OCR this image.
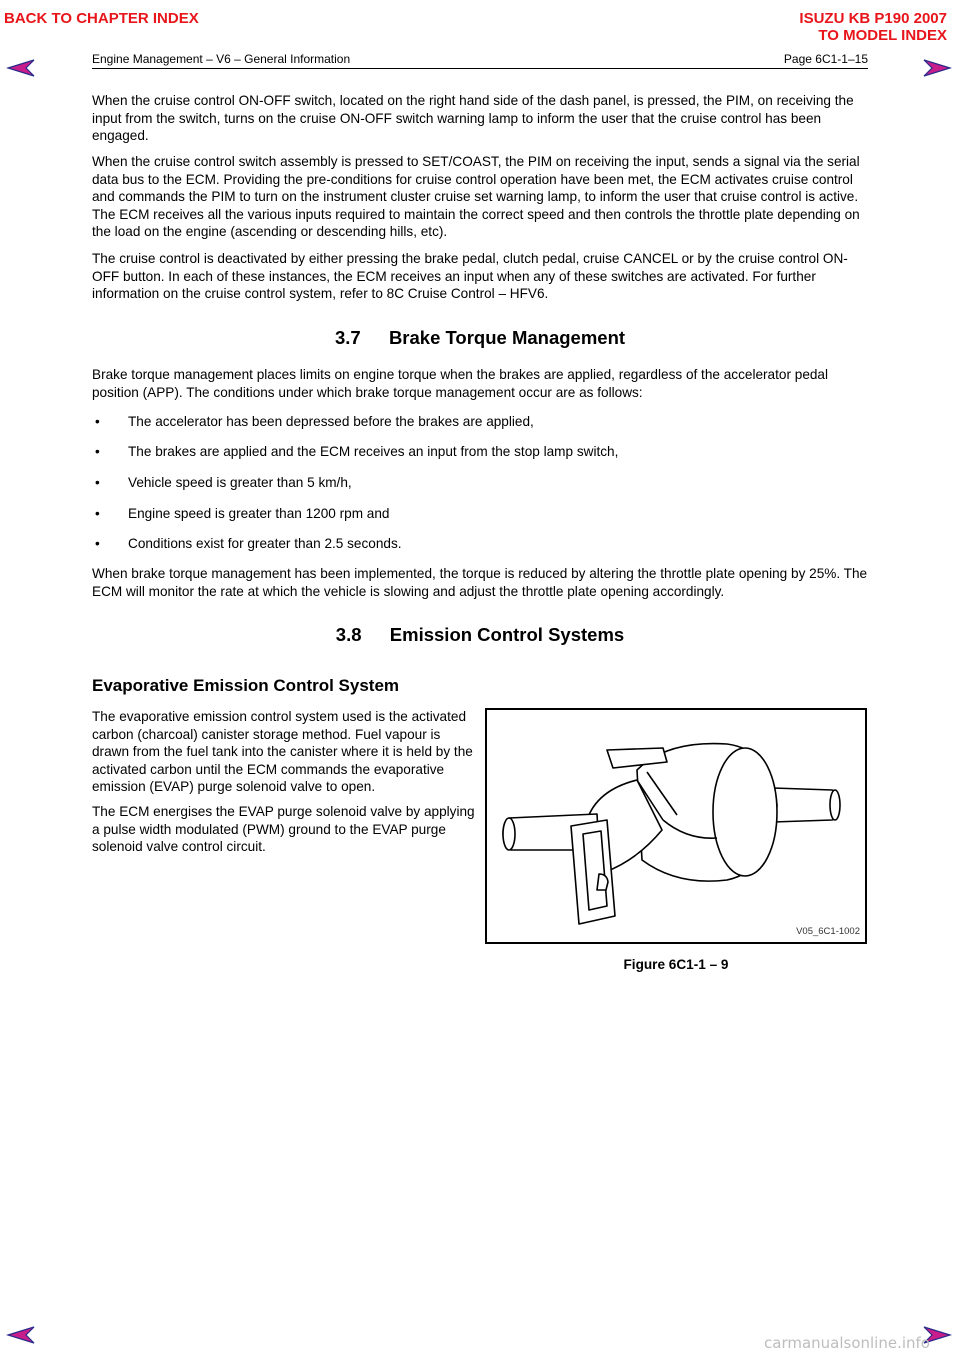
BACK TO CHAPTER INDEX	ISUZU KB P190 2007
TO MODEL INDEX
Engine Management – V6 – General Information	Page 6C1-1–15

When the cruise control ON-OFF switch, located on the right hand side of the dash panel, is pressed, the PIM, on receiving the input from the switch, turns on the cruise ON-OFF switch warning lamp to inform the user that the cruise control has been engaged.

When the cruise control switch assembly is pressed to SET/COAST, the PIM on receiving the input, sends a signal via the serial data bus to the ECM. Providing the pre-conditions for cruise control operation have been met, the ECM activates cruise control and commands the PIM to turn on the instrument cluster cruise set warning lamp, to inform the user that cruise control is active. The ECM receives all the various inputs required to maintain the correct speed and then controls the throttle plate depending on the load on the engine (ascending or descending hills, etc).

The cruise control is deactivated by either pressing the brake pedal, clutch pedal, cruise CANCEL or by the cruise control ON-OFF button. In each of these instances, the ECM receives an input when any of these switches are activated. For further information on the cruise control system, refer to 8C Cruise Control – HFV6.

3.7 Brake Torque Management

Brake torque management places limits on engine torque when the brakes are applied, regardless of the accelerator pedal position (APP). The conditions under which brake torque management occur are as follows:

• The accelerator has been depressed before the brakes are applied,
• The brakes are applied and the ECM receives an input from the stop lamp switch,
• Vehicle speed is greater than 5 km/h,
• Engine speed is greater than 1200 rpm and
• Conditions exist for greater than 2.5 seconds.

When brake torque management has been implemented, the torque is reduced by altering the throttle plate opening by 25%. The ECM will monitor the rate at which the vehicle is slowing and adjust the throttle plate opening accordingly.

3.8 Emission Control Systems
Evaporative Emission Control System

The evaporative emission control system used is the activated carbon (charcoal) canister storage method. Fuel vapour is drawn from the fuel tank into the canister where it is held by the activated carbon until the ECM commands the evaporative emission (EVAP) purge solenoid valve to open.

The ECM energises the EVAP purge solenoid valve by applying a pulse width modulated (PWM) ground to the EVAP purge solenoid valve control circuit.

V05_6C1-1002
Figure 6C1-1 – 9
carmanualsonline.info
